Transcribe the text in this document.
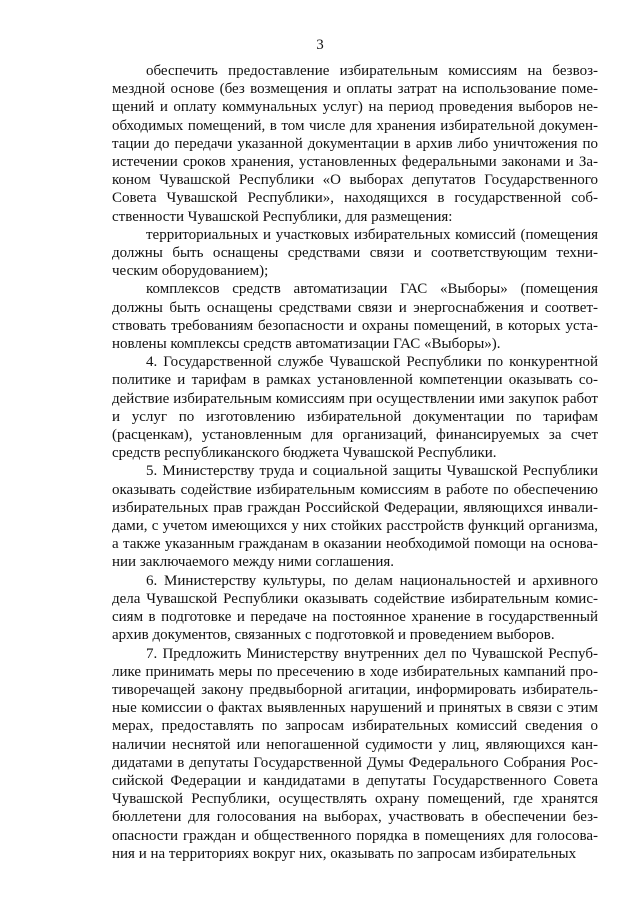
3

обеспечить предоставление избирательным комиссиям на безвозмездной основе (без возмещения и оплаты затрат на использование помещений и оплату коммунальных услуг) на период проведения выборов необходимых помещений, в том числе для хранения избирательной документации до передачи указанной документации в архив либо уничтожения по истечении сроков хранения, установленных федеральными законами и Законом Чувашской Республики «О выборах депутатов Государственного Совета Чувашской Республики», находящихся в государственной собственности Чувашской Республики, для размещения:

территориальных и участковых избирательных комиссий (помещения должны быть оснащены средствами связи и соответствующим техническим оборудованием);

комплексов средств автоматизации ГАС «Выборы» (помещения должны быть оснащены средствами связи и энергоснабжения и соответствовать требованиям безопасности и охраны помещений, в которых установлены комплексы средств автоматизации ГАС «Выборы»).

4. Государственной службе Чувашской Республики по конкурентной политике и тарифам в рамках установленной компетенции оказывать содействие избирательным комиссиям при осуществлении ими закупок работ и услуг по изготовлению избирательной документации по тарифам (расценкам), установленным для организаций, финансируемых за счет средств республиканского бюджета Чувашской Республики.

5. Министерству труда и социальной защиты Чувашской Республики оказывать содействие избирательным комиссиям в работе по обеспечению избирательных прав граждан Российской Федерации, являющихся инвалидами, с учетом имеющихся у них стойких расстройств функций организма, а также указанным гражданам в оказании необходимой помощи на основании заключаемого между ними соглашения.

6. Министерству культуры, по делам национальностей и архивного дела Чувашской Республики оказывать содействие избирательным комиссиям в подготовке и передаче на постоянное хранение в государственный архив документов, связанных с подготовкой и проведением выборов.

7. Предложить Министерству внутренних дел по Чувашской Республике принимать меры по пресечению в ходе избирательных кампаний противоречащей закону предвыборной агитации, информировать избирательные комиссии о фактах выявленных нарушений и принятых в связи с этим мерах, предоставлять по запросам избирательных комиссий сведения о наличии неснятой или непогашенной судимости у лиц, являющихся кандидатами в депутаты Государственной Думы Федерального Собрания Российской Федерации и кандидатами в депутаты Государственного Совета Чувашской Республики, осуществлять охрану помещений, где хранятся бюллетени для голосования на выборах, участвовать в обеспечении безопасности граждан и общественного порядка в помещениях для голосования и на территориях вокруг них, оказывать по запросам избирательных
